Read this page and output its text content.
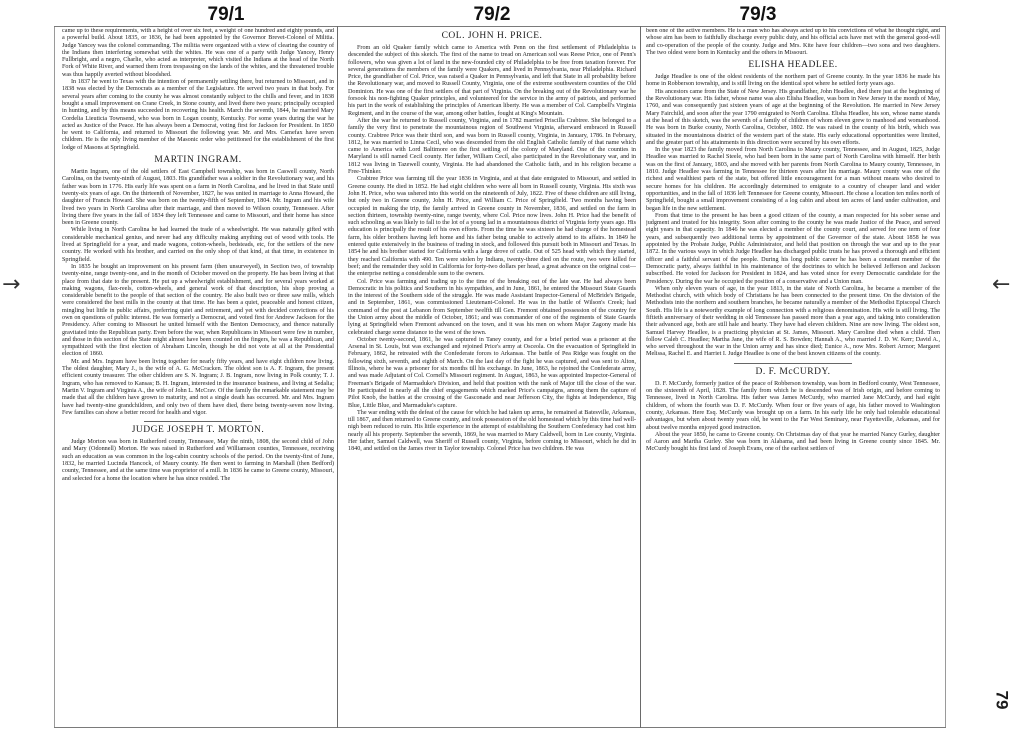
79/1	79/2	79/3
→	←
79

came up to these requirements, with a height of over six feet, a weight of one hundred and eighty pounds, and a powerful build. About 1835, or 1836, he had been appointed by the Governor Brevet-Colonel of Militia. Judge Yancey was the colonel commanding. The militia were organized with a view of clearing the country of the Indians then interfering somewhat with the whites. He was one of a party with Judge Yancey, Henry Fullbright, and a negro, Charlie, who acted as interpreter, which visited the Indians at the head of the North Fork of White River, and warned them from trespassing on the lands of the whites, and the threatened trouble was thus happily averted without bloodshed.

In 1837 he went to Texas with the intention of permanently settling there, but returned to Missouri, and in 1838 was elected by the Democrats as a member of the Legislature. He served two years in that body. For several years after coming to the county he was almost constantly subject to the chills and fever, and in 1838 bought a small improvement on Crane Creek, in Stone county, and lived there two years; principally occupied in hunting, and by this means succeeded in recovering his health. March the seventh, 1844, he married Mary Cordelia Lieuticia Townsend, who was born in Logan county, Kentucky. For some years during the war he acted as Justice of the Peace. He has always been a Democrat, voting first for Jackson for President. In 1850 he went to California, and returned to Missouri the following year. Mr. and Mrs. Camefax have seven children. He is the only living member of the Masonic order who petitioned for the establishment of the first lodge of Masons at Springfield.

MARTIN INGRAM.

Martin Ingram, one of the old settlers of East Campbell township, was born in Caswell county, North Carolina, on the twenty-ninth of August, 1803. His grandfather was a soldier in the Revolutionary war, and his father was born in 1776. His early life was spent on a farm in North Carolina, and he lived in that State until twenty-six years of age. On the thirteenth of November, 1827, he was united in marriage to Anna Howard, the daughter of Francis Howard. She was born on the twenty-fifth of September, 1804. Mr. Ingram and his wife lived two years in North Carolina after their marriage, and then moved to Wilson county, Tennessee. After living there five years in the fall of 1834 they left Tennessee and came to Missouri, and their home has since been in Greene county.

While living in North Carolina he had learned the trade of a wheelwright. He was naturally gifted with considerable mechanical genius, and never had any difficulty making anything out of wood with tools. He lived at Springfield for a year, and made wagons, cotton-wheels, bedsteads, etc, for the settlers of the new country. He worked with his brother, and carried on the only shop of that kind, at that time, in existence in Springfield.

In 1835 he bought an improvement on his present farm (then unsurveyed), in Section two, of township twenty-nine, range twenty-one, and in the month of October moved on the property. He has been living at that place from that date to the present. He put up a wheelwright establishment, and for several years worked at making wagons, flax-reels, cotton-wheels, and general work of that description, his shop proving a considerable benefit to the people of that section of the country. He also built two or three saw mills, which were considered the best mills in the county at that time. He has been a quiet, peaceable and honest citizen, mingling but little in public affairs, preferring quiet and retirement, and yet with decided convictions of his own on questions of public interest. He was formerly a Democrat, and voted first for Andrew Jackson for the Presidency. After coming to Missouri he united himself with the Benton Democracy, and thence naturally gravitated into the Republican party. Even before the war, when Republicans in Missouri were few in number, and those in this section of the State might almost have been counted on the fingers, he was a Republican, and sympathized with the first election of Abraham Lincoln, though he did not vote at all at the Presidential election of 1860.

Mr. and Mrs. Ingram have been living together for nearly fifty years, and have eight children now living. The oldest daughter, Mary J., is the wife of A. G. McCracken. The oldest son is A. F. Ingram, the present efficient county treasurer. The other children are S. N. Ingram; J. B. Ingram, now living in Polk county; T. J. Ingram, who has removed to Kansas; B. H. Ingram, interested in the insurance business, and living at Sedalia; Martin V. Ingram and Virginia A., the wife of John L. McCrav. Of the family the remarkable statement may be made that all the children have grown to maturity, and not a single death has occurred. Mr. and Mrs. Ingram have had twenty-nine grandchildren, and only two of them have died, there being twenty-seven now living. Few families can show a better record for health and vigor.

JUDGE JOSEPH T. MORTON.

Judge Morton was born in Rutherford county, Tennessee, May the ninth, 1808, the second child of John and Mary (Odonnell) Morton. He was raised in Rutherford and Williamson counties, Tennessee, receiving such an education as was common in the log-cabin country schools of the period. On the twenty-first of June, 1832, he married Lucinda Hancock, of Maury county. He then went to farming in Marshall (then Bedford) county, Tennessee, and at the same time was proprietor of a mill. In 1836 he came to Greene county, Missouri, and selected for a home the location where he has since resided. The

COL. JOHN H. PRICE.

From an old Quaker family which came to America with Penn on the first settlement of Philadelphia is descended the subject of this sketch. The first of the name to tread on American soil was Reese Price, one of Penn's followers, who was given a lot of land in the new-founded city of Philadelphia to be free from taxation forever. For several generations the members of the family were Quakers, and lived in Pennsylvania, near Philadelphia. Richard Price, the grandfather of Col. Price, was raised a Quaker in Pennsylvania, and left that State in all probability before the Revolutionary war, and moved to Russell County, Virginia, one of the extreme southwestern counties of the Old Dominion. He was one of the first settlers of that part of Virginia. On the breaking out of the Revolutionary war he forsook his non-fighting Quaker principles, and volunteered for the service in the army of patriots, and performed his part in the work of establishing the principles of American liberty. He was a member of Col. Campbell's Virginia Regiment, and in the course of the war, among other battles, fought at King's Mountain.

After the war he returned to Russell county, Virginia, and in 1782 married Priscilla Crabtree. She belonged to a family the very first to penetrate the mountainous region of Southwest Virginia, afterward embraced in Russell county. Crabtree Price was their third son, and was born in Russell county, Virginia, in January, 1786. In February, 1812, he was married to Linna Cecil, who was descended from the old English Catholic family of that name which came to America with Lord Baltimore on the first settling of the colony of Maryland. One of the counties in Maryland is still named Cecil county. Her father, William Cecil, also participated in the Revolutionary war, and in 1812 was living in Tazewell county, Virginia. He had abandoned the Catholic faith, and in his religion became a Free-Thinker.

Crabtree Price was farming till the year 1836 in Virginia, and at that date emigrated to Missouri, and settled in Greene county. He died in 1852. He had eight children who were all born in Russell county, Virginia. His sixth was John H. Price, who was ushered into this world on the nineteenth of July, 1822. Five of these children are still living, but only two in Greene county, John H. Price, and William C. Price of Springfield. Two months having been occupied in making the trip, the family arrived in Greene county in November, 1836, and settled on the farm in section thirteen, township twenty-nine, range twenty, where Col. Price now lives. John H. Price had the benefit of such schooling as was likely to fall to the lot of a young lad in a mountainous district of Virginia forty years ago. His education is principally the result of his own efforts. From the time he was sixteen he had charge of the homestead farm, his older brothers having left home and his father being unable to actively attend to its affairs. In 1849 he entered quite extensively in the business of trading in stock, and followed this pursuit both in Missouri and Texas. In 1854 he and his brother started for California with a large drove of cattle. Out of 525 head with which they started, they reached California with 490. Ten were stolen by Indians, twenty-three died on the route, two were killed for beef; and the remainder they sold in California for forty-two dollars per head, a great advance on the original cost—the enterprise netting a considerable sum to the owners.

Col. Price was farming and trading up to the time of the breaking out of the late war. He had always been Democratic in his politics and Southern in his sympathies, and in June, 1861, he entered the Missouri State Guards in the interest of the Southern side of the struggle. He was made Assistant Inspector-General of McBride's Brigade, and in September, 1861, was commissioned Lieutenant-Colonel. He was in the battle of Wilson's Creek; had command of the post at Lebanon from September twelfth till Gen. Fremont obtained possession of the country for the Union army about the middle of October, 1861; and was commander of one of the regiments of State Guards lying at Springfield when Fremont advanced on the town, and it was his men on whom Major Zagony made his celebrated charge some distance to the west of the town.

October twenty-second, 1861, he was captured in Taney county, and for a brief period was a prisoner at the Arsenal in St. Louis, but was exchanged and rejoined Price's army at Osceola. On the evacuation of Springfield in February, 1862, he retreated with the Confederate forces to Arkansas. The battle of Pea Ridge was fought on the following sixth, seventh, and eighth of March. On the last day of the fight he was captured, and was sent to Alton, Illinois, where he was a prisoner for six months till his exchange. In June, 1863, he rejoined the Confederate army, and was made Adjutant of Col. Cornell's Missouri regiment. In August, 1863, he was appointed Inspector-General of Freeman's Brigade of Marmaduke's Division, and held that position with the rank of Major till the close of the war. He participated in nearly all the chief engagements which marked Price's campaigns, among them the capture of Pilot Knob, the battles at the crossing of the Gasconade and near Jefferson City, the fights at Independence, Big Blue, Little Blue, and Marmaduke's capture.

The war ending with the defeat of the cause for which he had taken up arms, he remained at Batesville, Arkansas, till 1867, and then returned to Greene county, and took possession of the old homestead which by this time had well-nigh been reduced to ruin. His little experience in the attempt of establishing the Southern Confederacy had cost him nearly all his property. September the seventh, 1869, he was married to Mary Caldwell, born in Lee county, Virginia. Her father, Samuel Caldwell, was Sheriff of Russell county, Virginia, before coming to Missouri, which he did in 1840, and settled on the James river in Taylor township. Colonel Price has two children. He was

been one of the active members. He is a man who has always acted up to his convictions of what he thought right, and whose aim has been to faithfully discharge every public duty, and his official acts have met with the general good-will and co-operation of the people of the county. Judge and Mrs. Kite have four children—two sons and two daughters. The two oldest were born in Kentucky and the others in Missouri.

ELISHA HEADLEE.

Judge Headlee is one of the oldest residents of the northern part of Greene county. In the year 1836 he made his home in Robberson township, and is still living on the identical spot where he settled forty years ago.

His ancestors came from the State of New Jersey. His grandfather, John Headlee, died there just at the beginning of the Revolutionary war. His father, whose name was also Elisha Headlee, was born in New Jersey in the month of May, 1760, and was consequently just sixteen years of age at the beginning of the Revolution. He married in New Jersey Mary Fairchild, and soon after the year 1790 emigrated to North Carolina. Elisha Headlee, his son, whose name stands at the head of this sketch, was the seventh of a family of children of whom eleven grew to manhood and womanhood. He was born in Burke county, North Carolina, October, 1802. He was raised in the county of his birth, which was situated in the mountainous district of the western part of the state. His early educational opportunities were limited, and the greater part of his attainments in this direction were secured by his own efforts.

In the year 1823 the family moved from North Carolina to Maury county, Tennessee, and in August, 1825, Judge Headlee was married to Rachel Steele, who had been born in the same part of North Carolina with himself. Her birth was on the first of January, 1803, and she moved with her parents from North Carolina to Maury county, Tennessee, in 1810. Judge Headlee was farming in Tennessee for thirteen years after his marriage. Maury county was one of the richest and wealthiest parts of the state, but offered little encouragement for a man without means who desired to secure homes for his children. He accordingly determined to emigrate to a country of cheaper land and wider opportunities, and in the fall of 1836 left Tennessee for Greene county, Missouri. He chose a location ten miles north of Springfield, bought a small improvement consisting of a log cabin and about ten acres of land under cultivation, and began life in the new settlement.

From that time to the present he has been a good citizen of the county, a man respected for his sober sense and judgment and trusted for his integrity. Soon after coming to the county he was made Justice of the Peace, and served eight years in that capacity. In 1846 he was elected a member of the county court, and served for one term of four years, and subsequently two additional terms by appointment of the Governor of the state. About 1858 he was appointed by the Probate Judge, Public Administrator, and held that position on through the war and up to the year 1872. In the various ways in which Judge Headlee has discharged public trusts he has proved a thorough and efficient officer and a faithful servant of the people. During his long public career he has been a constant member of the Democratic party, always faithful in his maintenance of the doctrines to which he believed Jefferson and Jackson subscribed. He voted for Jackson for President in 1824, and has voted since for every Democratic candidate for the Presidency. During the war he occupied the position of a conservative and a Union man.

When only eleven years of age, in the year 1813, in the state of North Carolina, he became a member of the Methodist church, with which body of Christians he has been connected to the present time. On the division of the Methodists into the northern and southern branches, he became naturally a member of the Methodist Episcopal Church South. His life is a noteworthy example of long connection with a religious denomination. His wife is still living. The fiftieth anniversary of their wedding in old Tennessee has passed more than a year ago, and taking into consideration their advanced age, both are still hale and hearty. They have had eleven children. Nine are now living. The oldest son, Samuel Harvey Headlee, is a practicing physician at St. James, Missouri. Mary Caroline died when a child. Then follow Caleb C. Headlee; Martha Jane, the wife of R. S. Bowden; Hannah A., who married J. D. W. Kerr; David A., who served throughout the war in the Union army and has since died; Eunice A., now Mrs. Robert Armor; Margaret Melissa, Rachel E. and Harriet I. Judge Headlee is one of the best known citizens of the county.

D. F. McCURDY.

D. F. McCurdy, formerly justice of the peace of Robberson township, was born in Bedford county, West Tennessee, on the sixteenth of April, 1828. The family from which he is descended was of Irish origin, and before coming to Tennessee, lived in North Carolina. His father was James McCurdy, who married Jane McCurdy, and had eight children, of whom the fourth was D. F. McCurdy. When four or five years of age, his father moved to Washington county, Arkansas. Here Esq. McCurdy was brought up on a farm. In his early life he only had tolerable educational advantages, but when about twenty years old, he went to the Far West Seminary, near Fayetteville, Arkansas, and for about twelve months enjoyed good instruction.

About the year 1850, he came to Greene county. On Christmas day of that year he married Nancy Gurley, daughter of Aaron and Martha Gurley. She was born in Alabama, and had been living in Greene county since 1845. Mr. McCurdy bought his first land of Joseph Evans, one of the earliest settlers of
